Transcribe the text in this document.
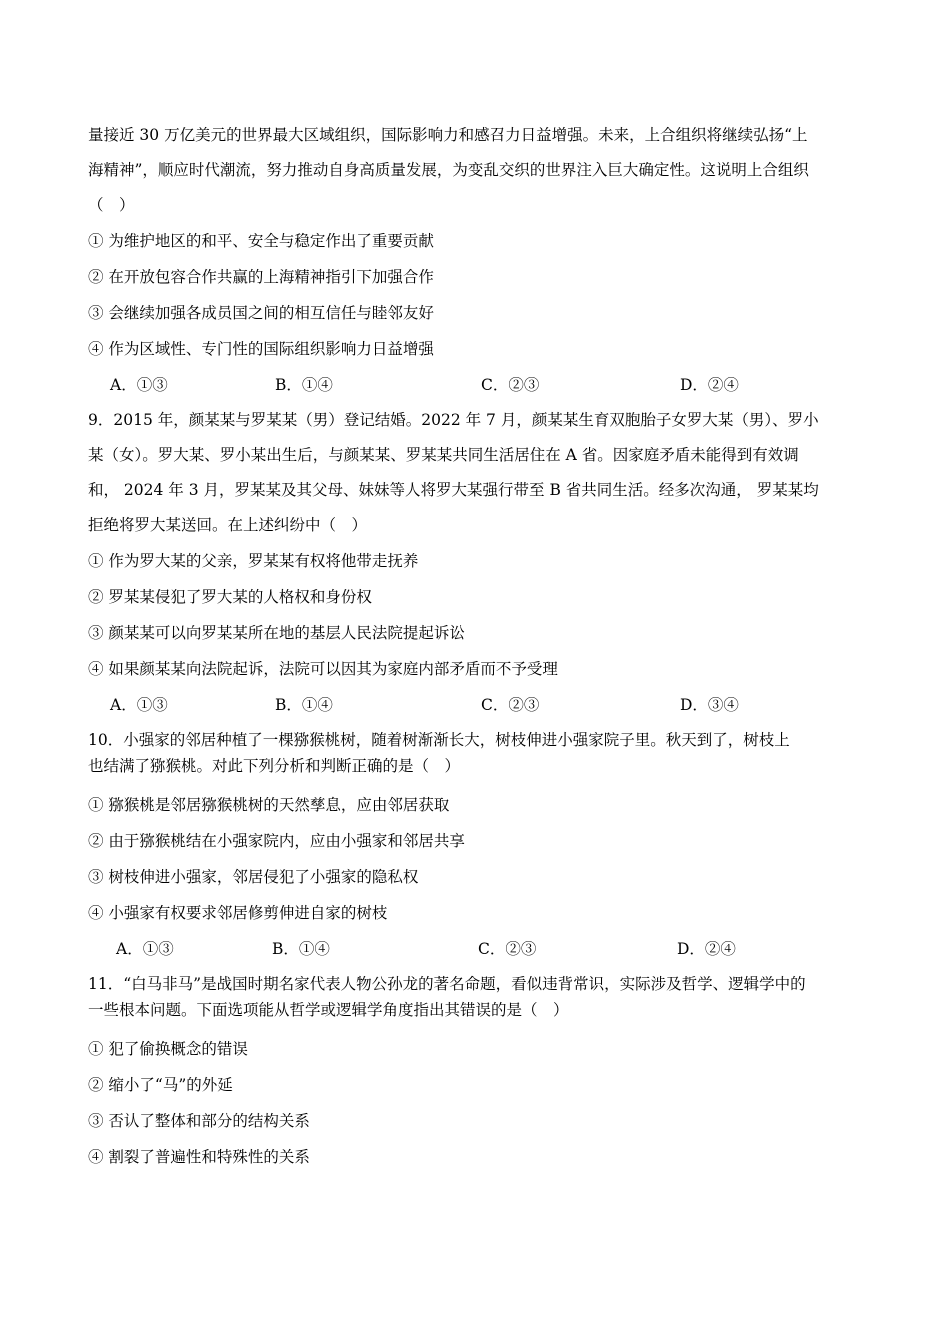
量接近 30 万亿美元的世界最大区域组织，国际影响力和感召力日益增强。未来，上合组织将继续弘扬“上

海精神”，顺应时代潮流，努力推动自身高质量发展，为变乱交织的世界注入巨大确定性。这说明上合组织

（　）

① 为维护地区的和平、安全与稳定作出了重要贡献

② 在开放包容合作共赢的上海精神指引下加强合作

③ 会继续加强各成员国之间的相互信任与睦邻友好

④ 作为区域性、专门性的国际组织影响力日益增强

A．①③	B．①④	C．②③	D．②④

9．2015 年，颜某某与罗某某（男）登记结婚。2022 年 7 月，颜某某生育双胞胎子女罗大某（男）、罗小

某（女）。罗大某、罗小某出生后，与颜某某、罗某某共同生活居住在 A 省。因家庭矛盾未能得到有效调

和， 2024 年 3 月，罗某某及其父母、妹妹等人将罗大某强行带至 B 省共同生活。经多次沟通， 罗某某均

拒绝将罗大某送回。在上述纠纷中（　）

① 作为罗大某的父亲，罗某某有权将他带走抚养

② 罗某某侵犯了罗大某的人格权和身份权

③ 颜某某可以向罗某某所在地的基层人民法院提起诉讼

④ 如果颜某某向法院起诉，法院可以因其为家庭内部矛盾而不予受理

A．①③	B．①④	C．②③	D．③④

10．小强家的邻居种植了一棵猕猴桃树，随着树渐渐长大，树枝伸进小强家院子里。秋天到了，树枝上

也结满了猕猴桃。对此下列分析和判断正确的是（　）

① 猕猴桃是邻居猕猴桃树的天然孳息，应由邻居获取

② 由于猕猴桃结在小强家院内，应由小强家和邻居共享

③ 树枝伸进小强家，邻居侵犯了小强家的隐私权

④ 小强家有权要求邻居修剪伸进自家的树枝

A．①③	B．①④	C．②③	D．②④

11．“白马非马”是战国时期名家代表人物公孙龙的著名命题，看似违背常识，实际涉及哲学、逻辑学中的

一些根本问题。下面选项能从哲学或逻辑学角度指出其错误的是（　）

① 犯了偷换概念的错误

② 缩小了“马”的外延

③ 否认了整体和部分的结构关系

④ 割裂了普遍性和特殊性的关系
